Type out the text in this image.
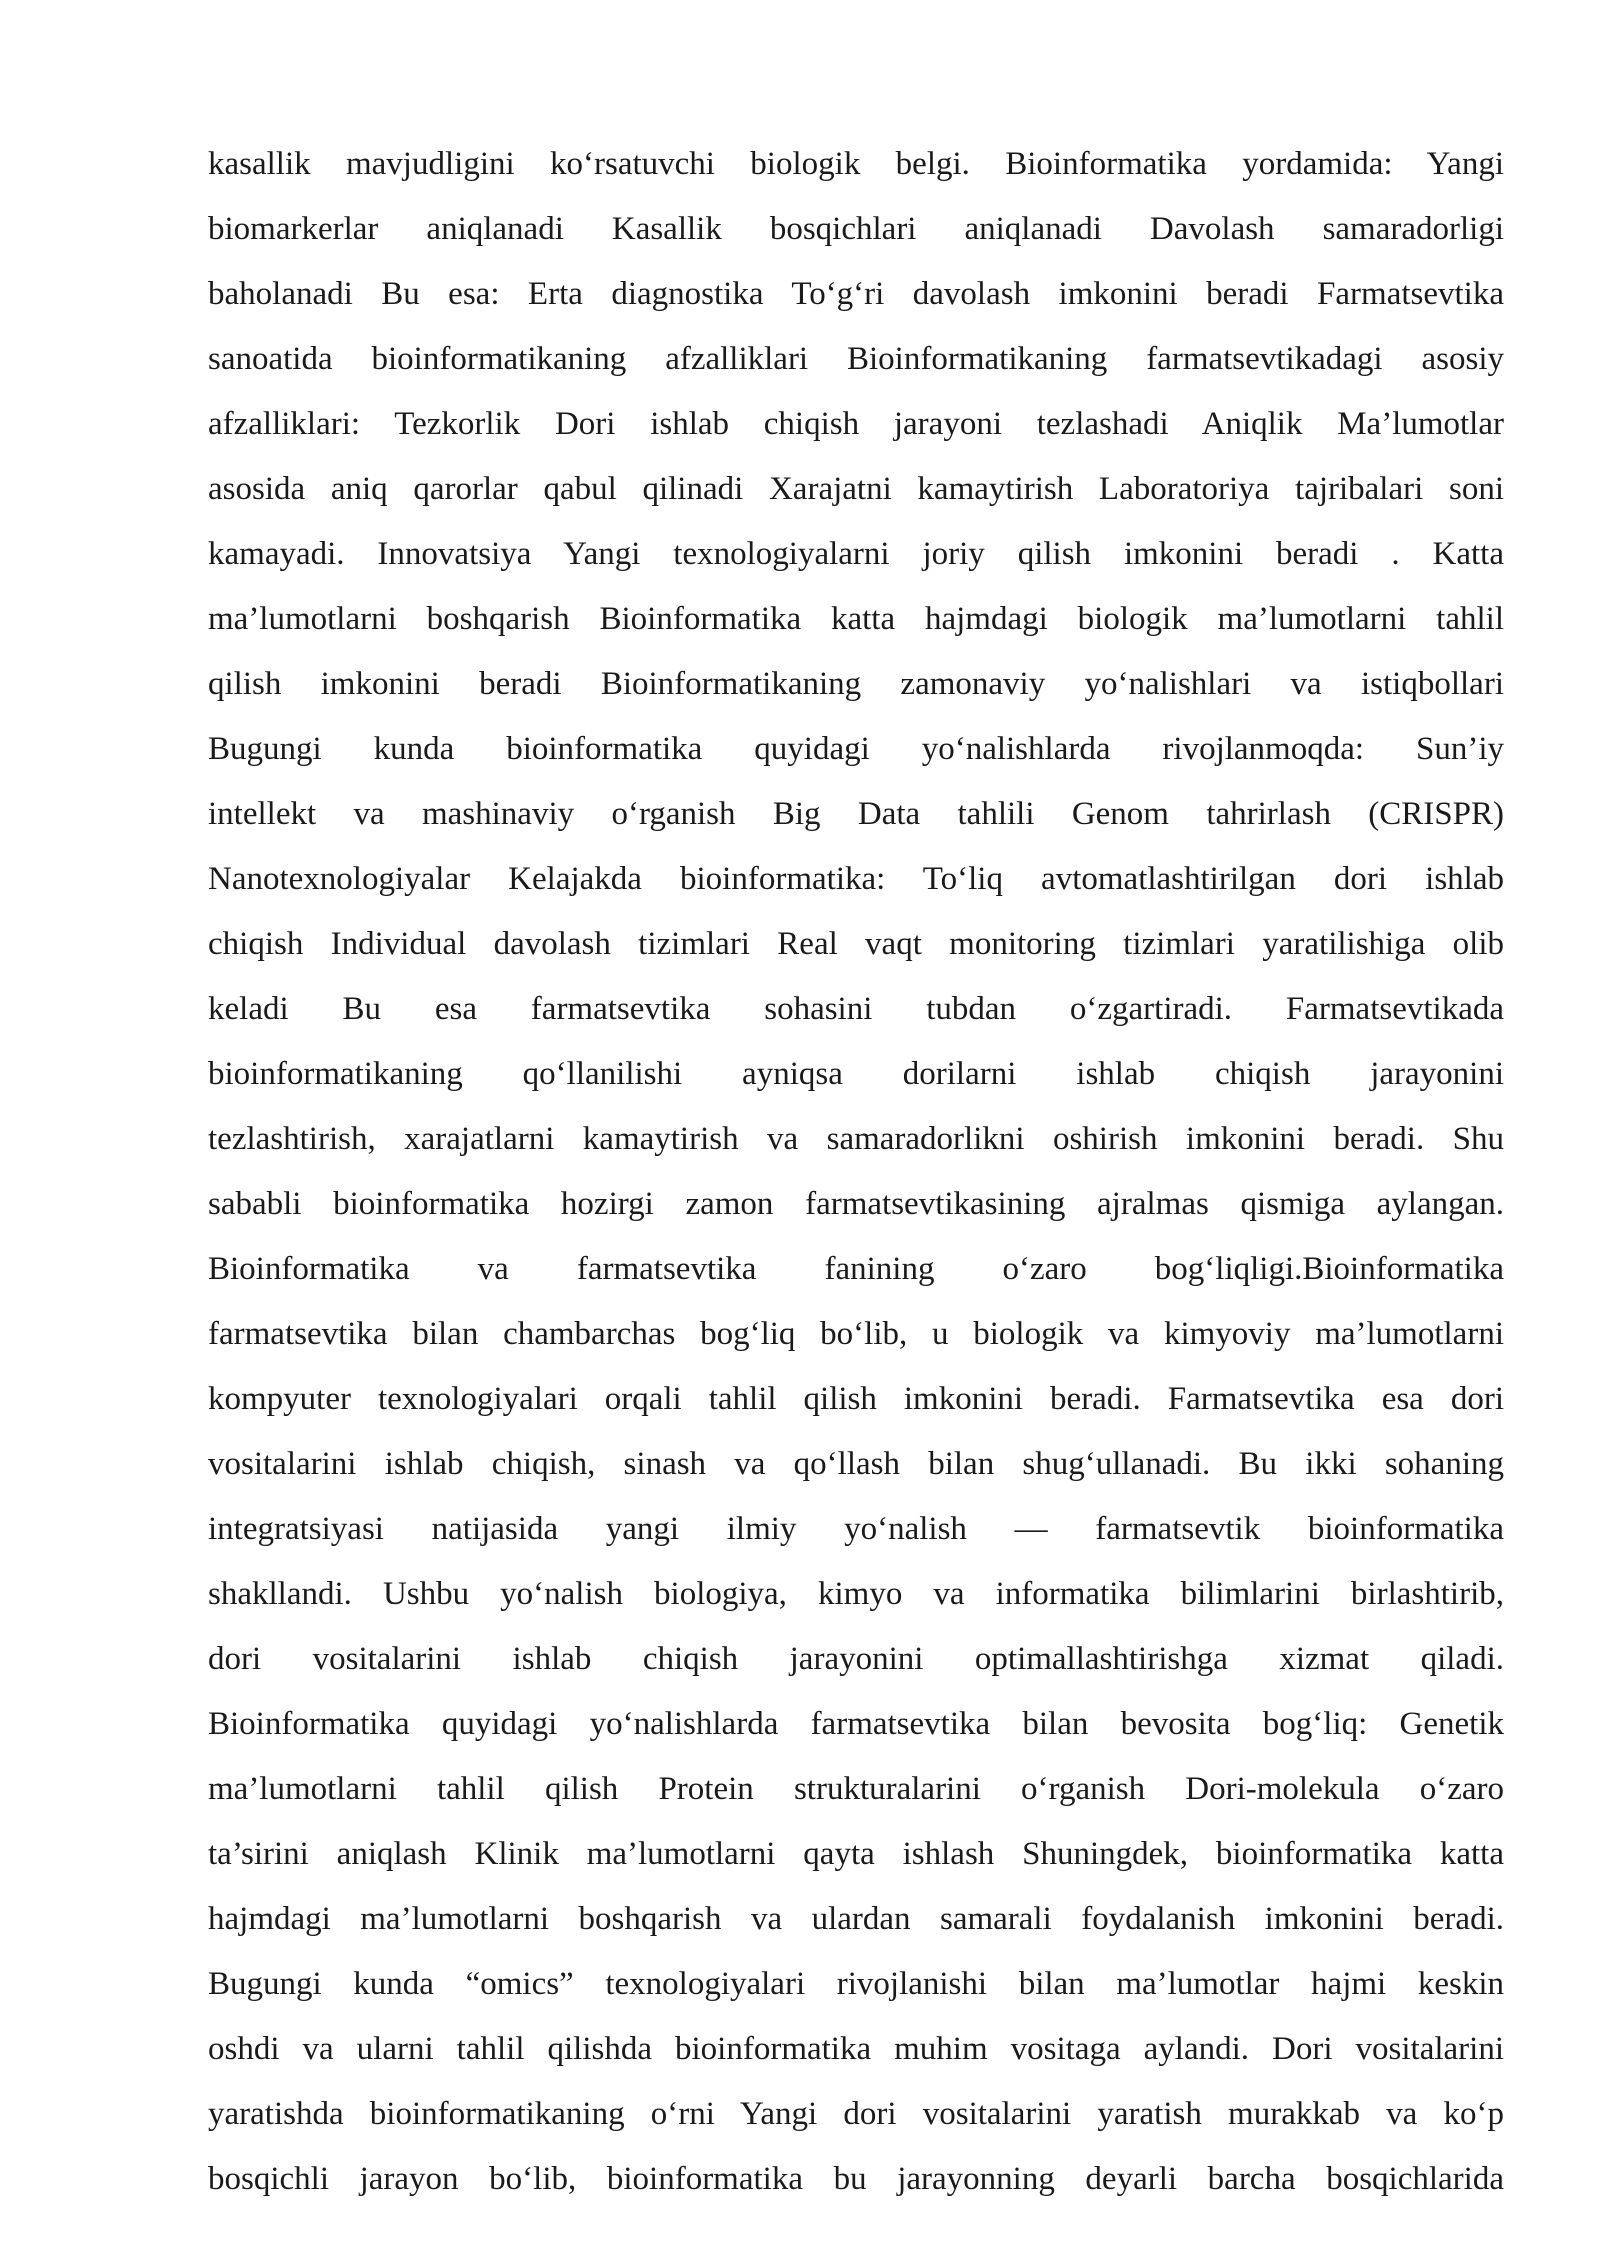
kasallik mavjudligini ko‘rsatuvchi biologik belgi. Bioinformatika yordamida: Yangi
biomarkerlar aniqlanadi Kasallik bosqichlari aniqlanadi Davolash samaradorligi
baholanadi Bu esa: Erta diagnostika To‘g‘ri davolash imkonini beradi Farmatsevtika
sanoatida bioinformatikaning afzalliklari Bioinformatikaning farmatsevtikadagi asosiy
afzalliklari: Tezkorlik Dori ishlab chiqish jarayoni tezlashadi Aniqlik Ma’lumotlar
asosida aniq qarorlar qabul qilinadi Xarajatni kamaytirish Laboratoriya tajribalari soni
kamayadi. Innovatsiya Yangi texnologiyalarni joriy qilish imkonini beradi . Katta
ma’lumotlarni boshqarish Bioinformatika katta hajmdagi biologik ma’lumotlarni tahlil
qilish imkonini beradi Bioinformatikaning zamonaviy yo‘nalishlari va istiqbollari
Bugungi kunda bioinformatika quyidagi yo‘nalishlarda rivojlanmoqda: Sun’iy
intellekt va mashinaviy o‘rganish Big Data tahlili Genom tahrirlash (CRISPR)
Nanotexnologiyalar Kelajakda bioinformatika: To‘liq avtomatlashtirilgan dori ishlab
chiqish Individual davolash tizimlari Real vaqt monitoring tizimlari yaratilishiga olib
keladi Bu esa farmatsevtika sohasini tubdan o‘zgartiradi. Farmatsevtikada
bioinformatikaning qo‘llanilishi ayniqsa dorilarni ishlab chiqish jarayonini
tezlashtirish, xarajatlarni kamaytirish va samaradorlikni oshirish imkonini beradi. Shu
sababli bioinformatika hozirgi zamon farmatsevtikasining ajralmas qismiga aylangan.
Bioinformatika va farmatsevtika fanining o‘zaro bog‘liqligi.Bioinformatika
farmatsevtika bilan chambarchas bog‘liq bo‘lib, u biologik va kimyoviy ma’lumotlarni
kompyuter texnologiyalari orqali tahlil qilish imkonini beradi. Farmatsevtika esa dori
vositalarini ishlab chiqish, sinash va qo‘llash bilan shug‘ullanadi. Bu ikki sohaning
integratsiyasi natijasida yangi ilmiy yo‘nalish — farmatsevtik bioinformatika
shakllandi. Ushbu yo‘nalish biologiya, kimyo va informatika bilimlarini birlashtirib,
dori vositalarini ishlab chiqish jarayonini optimallashtirishga xizmat qiladi.
Bioinformatika quyidagi yo‘nalishlarda farmatsevtika bilan bevosita bog‘liq: Genetik
ma’lumotlarni tahlil qilish Protein strukturalarini o‘rganish Dori-molekula o‘zaro
ta’sirini aniqlash Klinik ma’lumotlarni qayta ishlash Shuningdek, bioinformatika katta
hajmdagi ma’lumotlarni boshqarish va ulardan samarali foydalanish imkonini beradi.
Bugungi kunda “omics” texnologiyalari rivojlanishi bilan ma’lumotlar hajmi keskin
oshdi va ularni tahlil qilishda bioinformatika muhim vositaga aylandi. Dori vositalarini
yaratishda bioinformatikaning o‘rni Yangi dori vositalarini yaratish murakkab va ko‘p
bosqichli jarayon bo‘lib, bioinformatika bu jarayonning deyarli barcha bosqichlarida
